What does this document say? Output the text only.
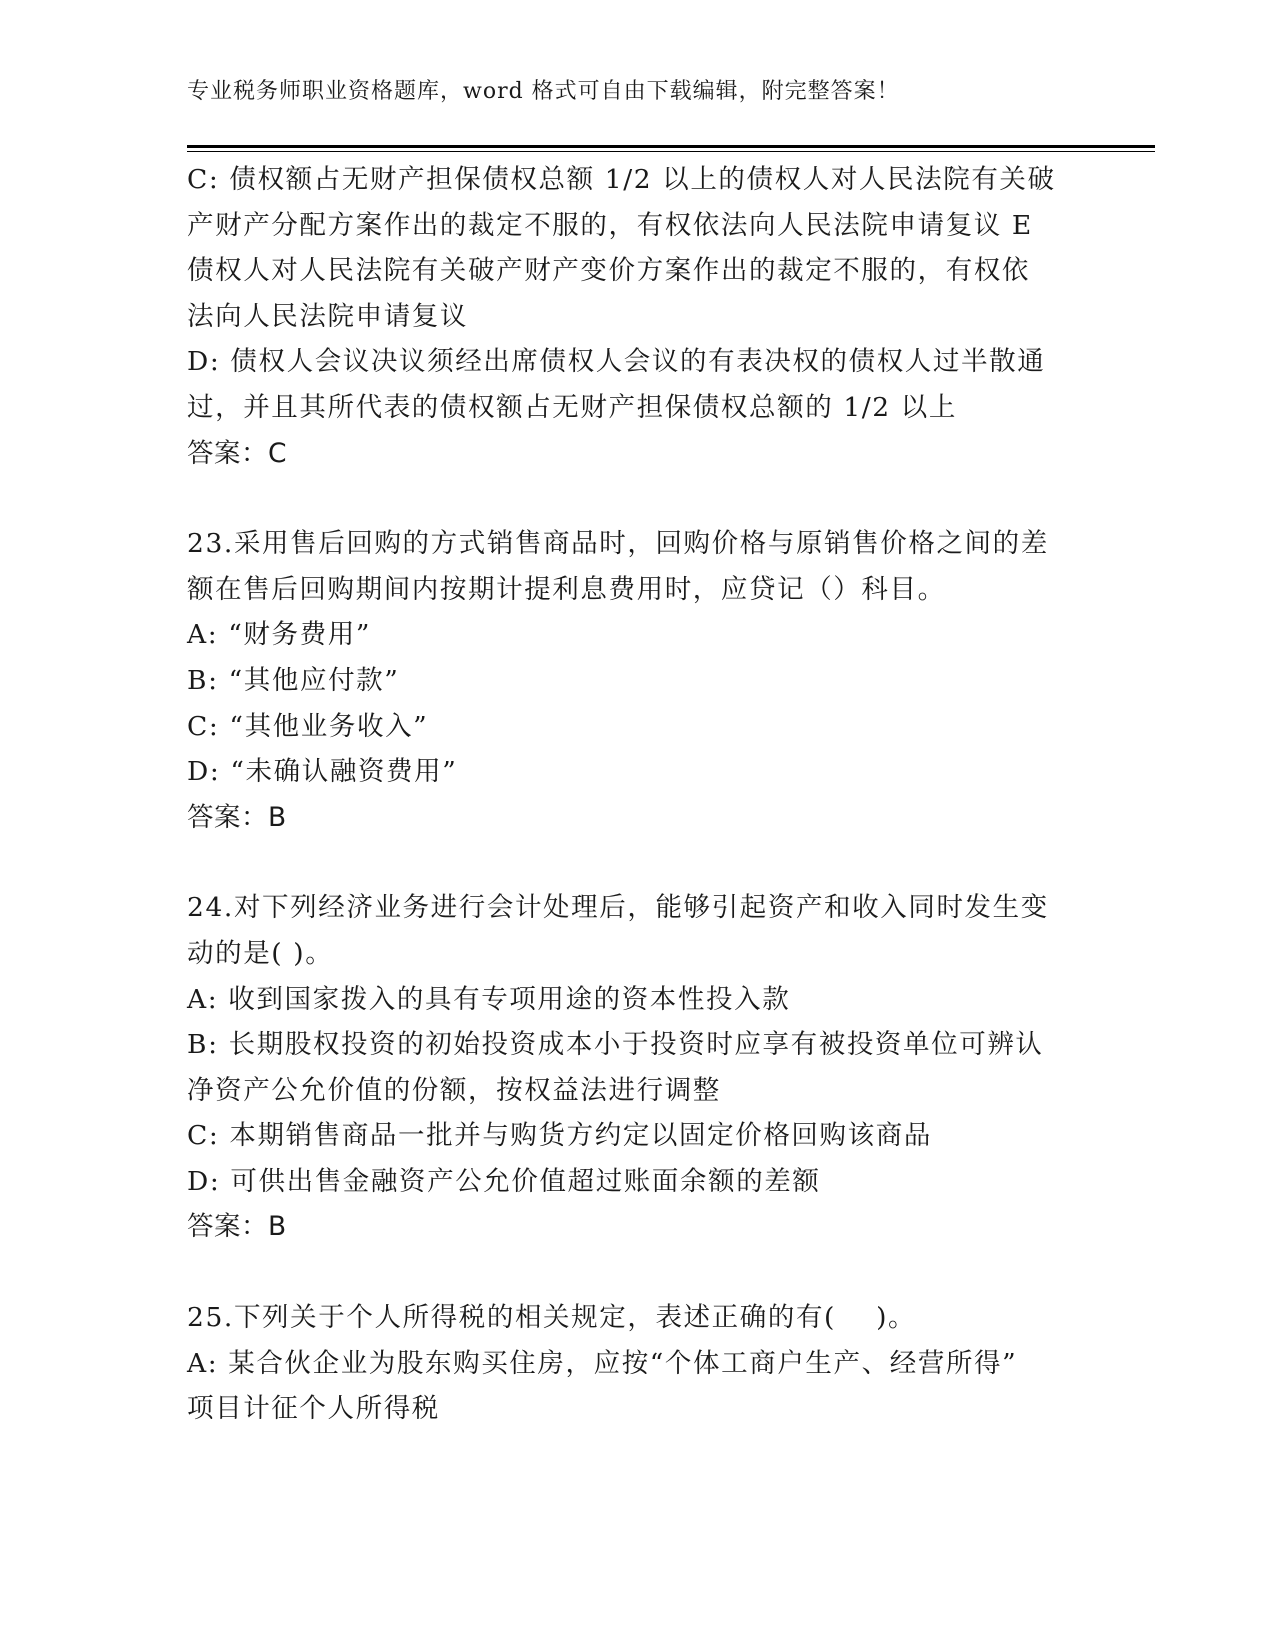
专业税务师职业资格题库，word 格式可自由下载编辑，附完整答案！
C: 债权额占无财产担保债权总额 1/2 以上的债权人对人民法院有关破
产财产分配方案作出的裁定不服的，有权依法向人民法院申请复议 E
债权人对人民法院有关破产财产变价方案作出的裁定不服的，有权依
法向人民法院申请复议
D: 债权人会议决议须经出席债权人会议的有表决权的债权人过半散通
过，并且其所代表的债权额占无财产担保债权总额的 1/2 以上
答案：C
23.采用售后回购的方式销售商品时，回购价格与原销售价格之间的差
额在售后回购期间内按期计提利息费用时，应贷记（）科目。
A: “财务费用”
B: “其他应付款”
C: “其他业务收入”
D: “未确认融资费用”
答案：B
24.对下列经济业务进行会计处理后，能够引起资产和收入同时发生变
动的是( )。
A: 收到国家拨入的具有专项用途的资本性投入款
B: 长期股权投资的初始投资成本小于投资时应享有被投资单位可辨认
净资产公允价值的份额，按权益法进行调整
C: 本期销售商品一批并与购货方约定以固定价格回购该商品
D: 可供出售金融资产公允价值超过账面余额的差额
答案：B
25.下列关于个人所得税的相关规定，表述正确的有(    )。
A: 某合伙企业为股东购买住房，应按“个体工商户生产、经营所得”
项目计征个人所得税
